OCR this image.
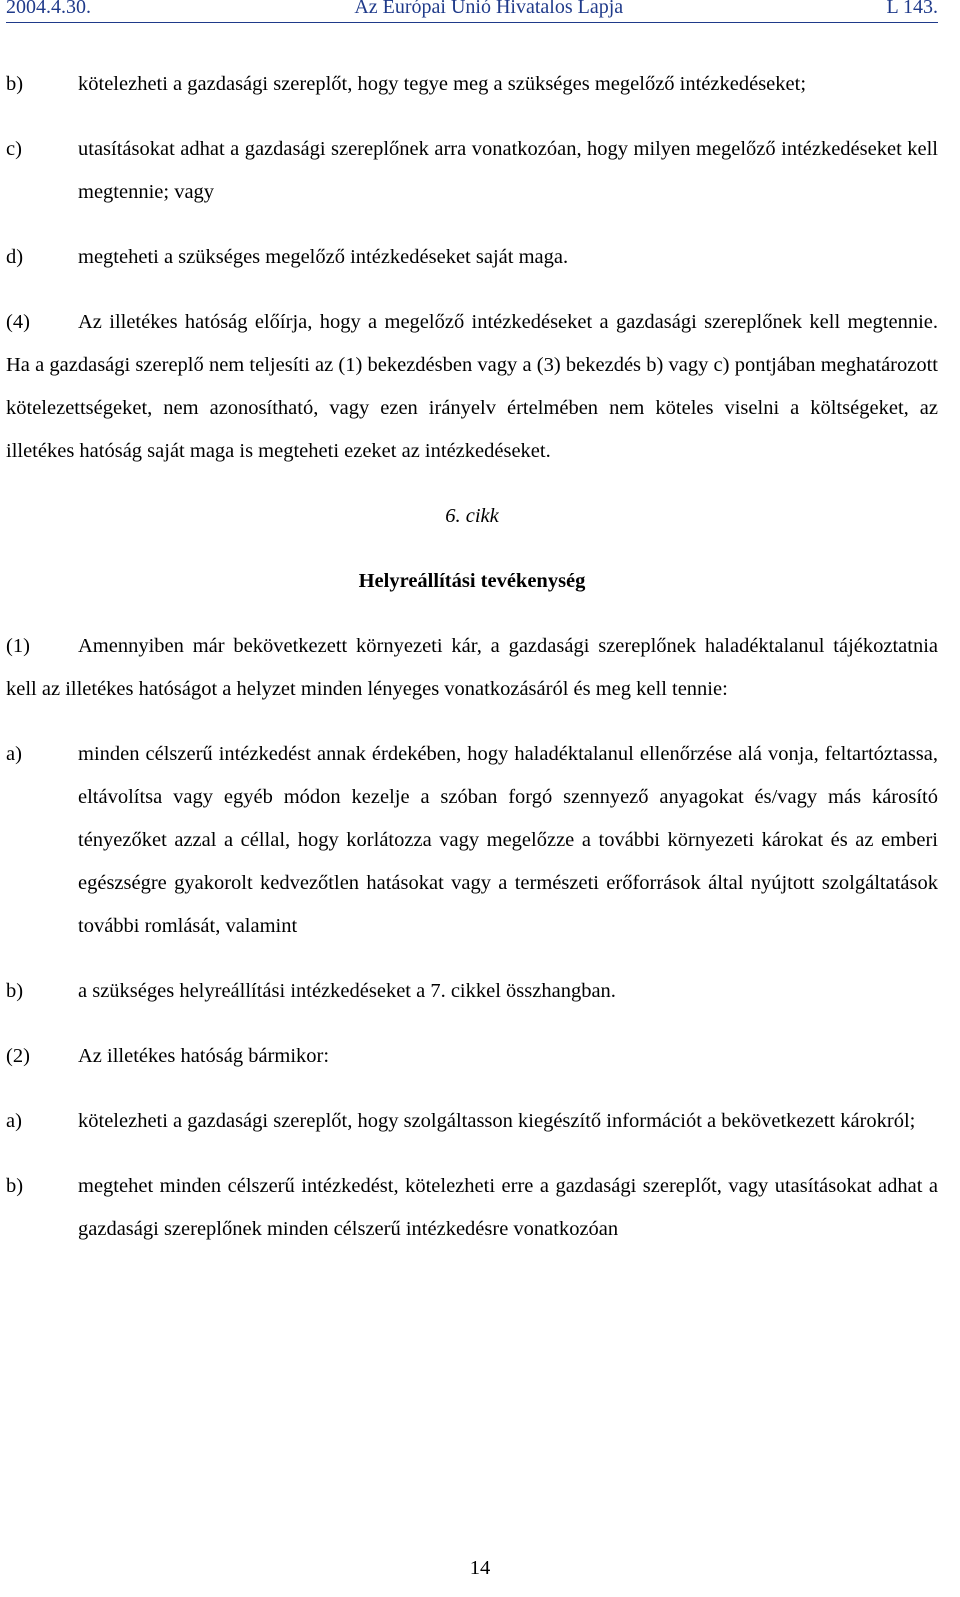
2004.4.30.	Az Európai Unió Hivatalos Lapja	L 143.
b)	kötelezheti a gazdasági szereplőt, hogy tegye meg a szükséges megelőző intézkedéseket;
c)	utasításokat adhat a gazdasági szereplőnek arra vonatkozóan, hogy milyen megelőző intézkedéseket kell megtennie; vagy
d)	megteheti a szükséges megelőző intézkedéseket saját maga.
(4) Az illetékes hatóság előírja, hogy a megelőző intézkedéseket a gazdasági szereplőnek kell megtennie. Ha a gazdasági szereplő nem teljesíti az (1) bekezdésben vagy a (3) bekezdés b) vagy c) pontjában meghatározott kötelezettségeket, nem azonosítható, vagy ezen irányelv értelmében nem köteles viselni a költségeket, az illetékes hatóság saját maga is megteheti ezeket az intézkedéseket.
6. cikk
Helyreállítási tevékenység
(1) Amennyiben már bekövetkezett környezeti kár, a gazdasági szereplőnek haladéktalanul tájékoztatnia kell az illetékes hatóságot a helyzet minden lényeges vonatkozásáról és meg kell tennie:
a)	minden célszerű intézkedést annak érdekében, hogy haladéktalanul ellenőrzése alá vonja, feltartóztassa, eltávolítsa vagy egyéb módon kezelje a szóban forgó szennyező anyagokat és/vagy más károsító tényezőket azzal a céllal, hogy korlátozza vagy megelőzze a további környezeti károkat és az emberi egészségre gyakorolt kedvezőtlen hatásokat vagy a természeti erőforrások által nyújtott szolgáltatások további romlását, valamint
b)	a szükséges helyreállítási intézkedéseket a 7. cikkel összhangban.
(2)	Az illetékes hatóság bármikor:
a)	kötelezheti a gazdasági szereplőt, hogy szolgáltasson kiegészítő információt a bekövetkezett károkról;
b)	megtehet minden célszerű intézkedést, kötelezheti erre a gazdasági szereplőt, vagy utasításokat adhat a gazdasági szereplőnek minden célszerű intézkedésre vonatkozóan
14
